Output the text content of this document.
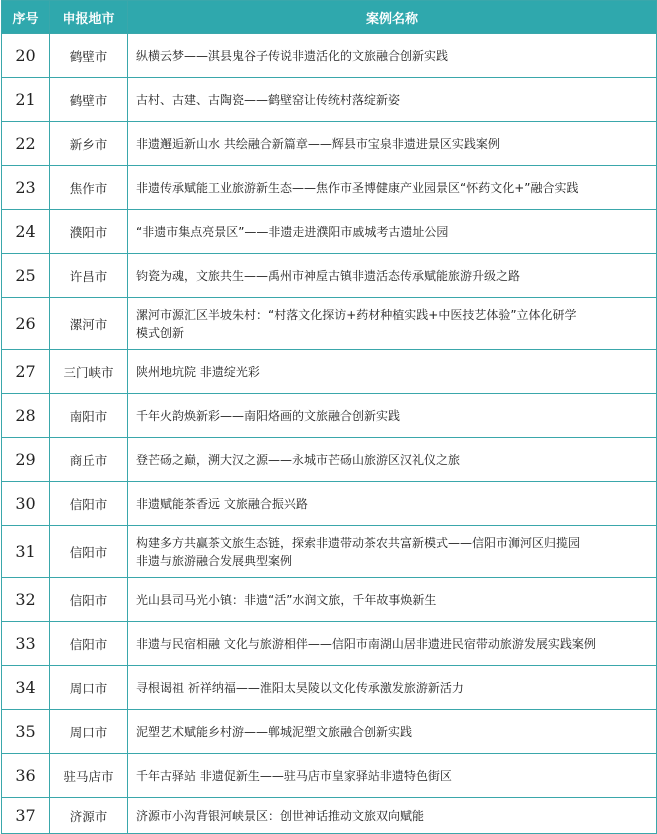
序号	申报地市	案例名称
20	鹤壁市	纵横云梦——淇县鬼谷子传说非遗活化的文旅融合创新实践
21	鹤壁市	古村、古建、古陶瓷——鹤壁窑让传统村落绽新姿
22	新乡市	非遗邂逅新山水 共绘融合新篇章——辉县市宝泉非遗进景区实践案例
23	焦作市	非遗传承赋能工业旅游新生态——焦作市圣博健康产业园景区“怀药文化+”融合实践
24	濮阳市	“非遗市集点亮景区”——非遗走进濮阳市戚城考古遗址公园
25	许昌市	钧瓷为魂，文旅共生——禹州市神垕古镇非遗活态传承赋能旅游升级之路
26	漯河市	漯河市源汇区半坡朱村：“村落文化探访+药材种植实践+中医技艺体验”立体化研学
模式创新

27	三门峡市	陕州地坑院 非遗绽光彩
28	南阳市	千年火韵焕新彩——南阳烙画的文旅融合创新实践
29	商丘市	登芒砀之巅，溯大汉之源——永城市芒砀山旅游区汉礼仪之旅
30	信阳市	非遗赋能茶香远 文旅融合振兴路
31	信阳市	构建多方共赢茶文旅生态链，探索非遗带动茶农共富新模式——信阳市浉河区归揽园
非遗与旅游融合发展典型案例

32	信阳市	光山县司马光小镇：非遗“活”水润文旅，千年故事焕新生
33	信阳市	非遗与民宿相融 文化与旅游相伴——信阳市南湖山居非遗进民宿带动旅游发展实践案例
34	周口市	寻根谒祖 祈祥纳福——淮阳太昊陵以文化传承激发旅游新活力
35	周口市	泥塑艺术赋能乡村游——郸城泥塑文旅融合创新实践
36	驻马店市	千年古驿站 非遗促新生——驻马店市皇家驿站非遗特色街区
37	济源市	济源市小沟背银河峡景区：创世神话推动文旅双向赋能
